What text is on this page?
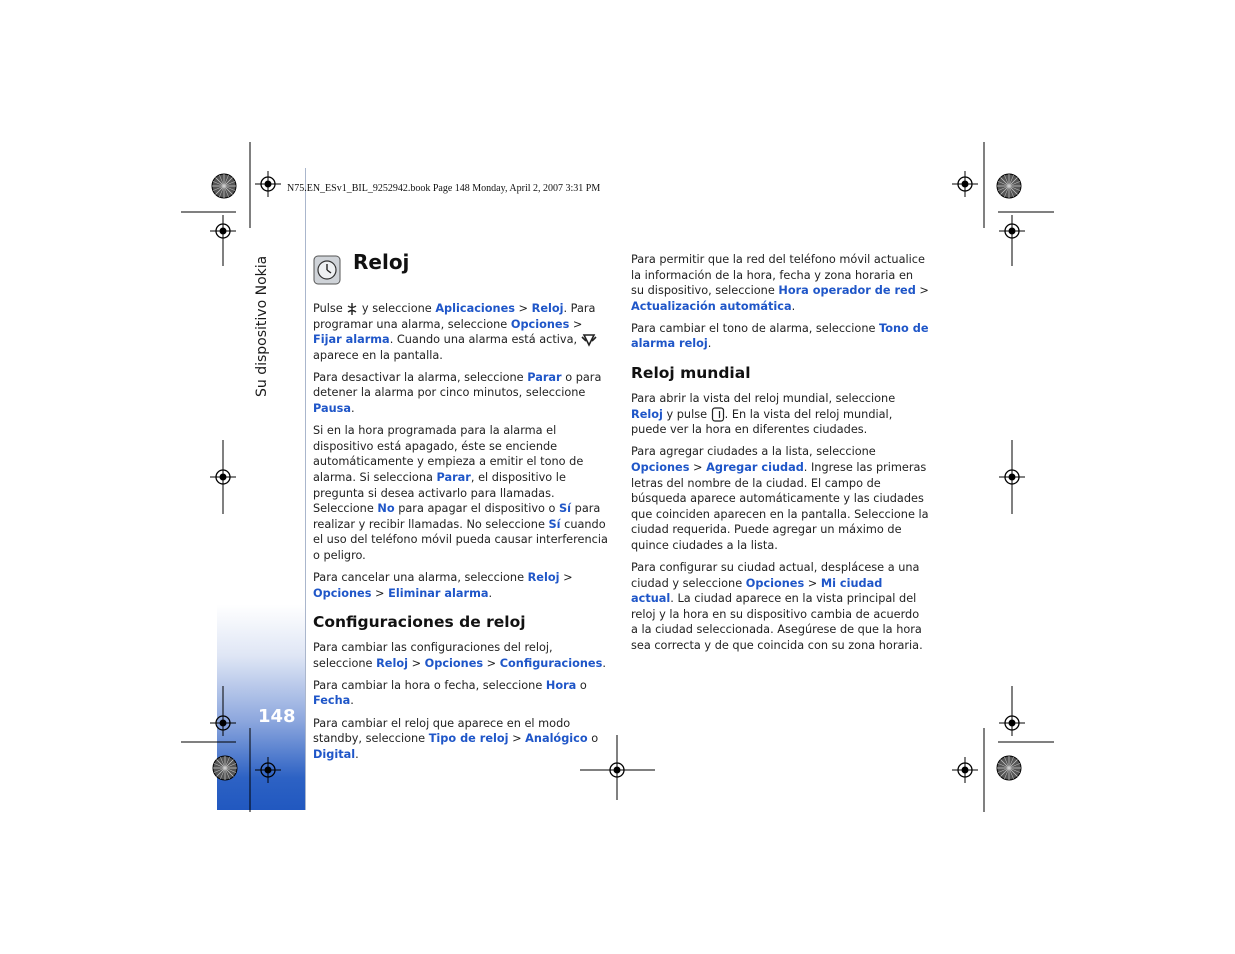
Su dispositivo Nokia
148
N75.EN_ESv1_BIL_9252942.book Page 148 Monday, April 2, 2007 3:31 PM
Reloj

Pulse  y seleccione Aplicaciones > Reloj. Para programar una alarma, seleccione Opciones > Fijar alarma. Cuando una alarma está activa,  aparece en la pantalla.

Para desactivar la alarma, seleccione Parar o para detener la alarma por cinco minutos, seleccione Pausa.

Si en la hora programada para la alarma el dispositivo está apagado, éste se enciende automáticamente y empieza a emitir el tono de alarma. Si selecciona Parar, el dispositivo le pregunta si desea activarlo para llamadas. Seleccione No para apagar el dispositivo o Sí para realizar y recibir llamadas. No seleccione Sí cuando el uso del teléfono móvil pueda causar interferencia o peligro.

Para cancelar una alarma, seleccione Reloj > Opciones > Eliminar alarma.

Configuraciones de reloj

Para cambiar las configuraciones del reloj, seleccione Reloj > Opciones > Configuraciones.

Para cambiar la hora o fecha, seleccione Hora o Fecha.

Para cambiar el reloj que aparece en el modo standby, seleccione Tipo de reloj > Analógico o Digital.

Para permitir que la red del teléfono móvil actualice la información de la hora, fecha y zona horaria en su dispositivo, seleccione Hora operador de red > Actualización automática.

Para cambiar el tono de alarma, seleccione Tono de alarma reloj.

Reloj mundial

Para abrir la vista del reloj mundial, seleccione Reloj y pulse . En la vista del reloj mundial, puede ver la hora en diferentes ciudades.

Para agregar ciudades a la lista, seleccione Opciones > Agregar ciudad. Ingrese las primeras letras del nombre de la ciudad. El campo de búsqueda aparece automáticamente y las ciudades que coinciden aparecen en la pantalla. Seleccione la ciudad requerida. Puede agregar un máximo de quince ciudades a la lista.

Para configurar su ciudad actual, desplácese a una ciudad y seleccione Opciones > Mi ciudad actual. La ciudad aparece en la vista principal del reloj y la hora en su dispositivo cambia de acuerdo a la ciudad seleccionada. Asegúrese de que la hora sea correcta y de que coincida con su zona horaria.
